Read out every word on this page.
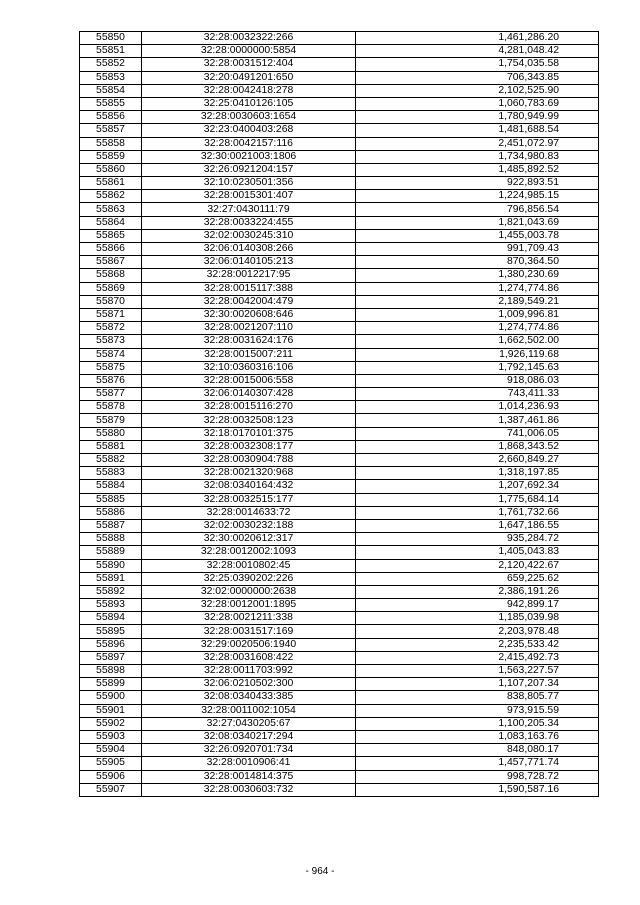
55850	32:28:0032322:266	1,461,286.20
55851	32:28:0000000:5854	4,281,048.42
55852	32:28:0031512:404	1,754,035.58
55853	32:20:0491201:650	706,343.85
55854	32:28:0042418:278	2,102,525.90
55855	32:25:0410126:105	1,060,783.69
55856	32:28:0030603:1654	1,780,949.99
55857	32:23:0400403:268	1,481,688.54
55858	32:28:0042157:116	2,451,072.97
55859	32:30:0021003:1806	1,734,980.83
55860	32:26:0921204:157	1,485,892.52
55861	32:10:0230501:356	922,893.51
55862	32:28:0015301:407	1,224,985.15
55863	32:27:0430111:79	796,856.54
55864	32:28:0033224:455	1,821,043.69
55865	32:02:0030245:310	1,455,003.78
55866	32:06:0140308:266	991,709.43
55867	32:06:0140105:213	870,364.50
55868	32:28:0012217:95	1,380,230.69
55869	32:28:0015117:388	1,274,774.86
55870	32:28:0042004:479	2,189,549.21
55871	32:30:0020608:646	1,009,996.81
55872	32:28:0021207:110	1,274,774.86
55873	32:28:0031624:176	1,662,502.00
55874	32:28:0015007:211	1,926,119.68
55875	32:10:0360316:106	1,792,145.63
55876	32:28:0015006:558	918,086.03
55877	32:06:0140307:428	743,411.33
55878	32:28:0015116:270	1,014,236.93
55879	32:28:0032508:123	1,387,461.86
55880	32:18:0170101:375	741,006.05
55881	32:28:0032308:177	1,868,343.52
55882	32:28:0030904:788	2,660,849.27
55883	32:28:0021320:968	1,318,197.85
55884	32:08:0340164:432	1,207,692.34
55885	32:28:0032515:177	1,775,684.14
55886	32:28:0014633:72	1,761,732.66
55887	32:02:0030232:188	1,647,186.55
55888	32:30:0020612:317	935,284.72
55889	32:28:0012002:1093	1,405,043.83
55890	32:28:0010802:45	2,120,422.67
55891	32:25:0390202:226	659,225.62
55892	32:02:0000000:2638	2,386,191.26
55893	32:28:0012001:1895	942,899.17
55894	32:28:0021211:338	1,185,039.98
55895	32:28:0031517:169	2,203,978.48
55896	32:29:0020506:1940	2,235,533.42
55897	32:28:0031608:422	2,415,492.73
55898	32:28:0011703:992	1,563,227.57
55899	32:06:0210502:300	1,107,207.34
55900	32:08:0340433:385	838,805.77
55901	32:28:0011002:1054	973,915.59
55902	32:27:0430205:67	1,100,205.34
55903	32:08:0340217:294	1,083,163.76
55904	32:26:0920701:734	848,080.17
55905	32:28:0010906:41	1,457,771.74
55906	32:28:0014814:375	998,728.72
55907	32:28:0030603:732	1,590,587.16
- 964 -
